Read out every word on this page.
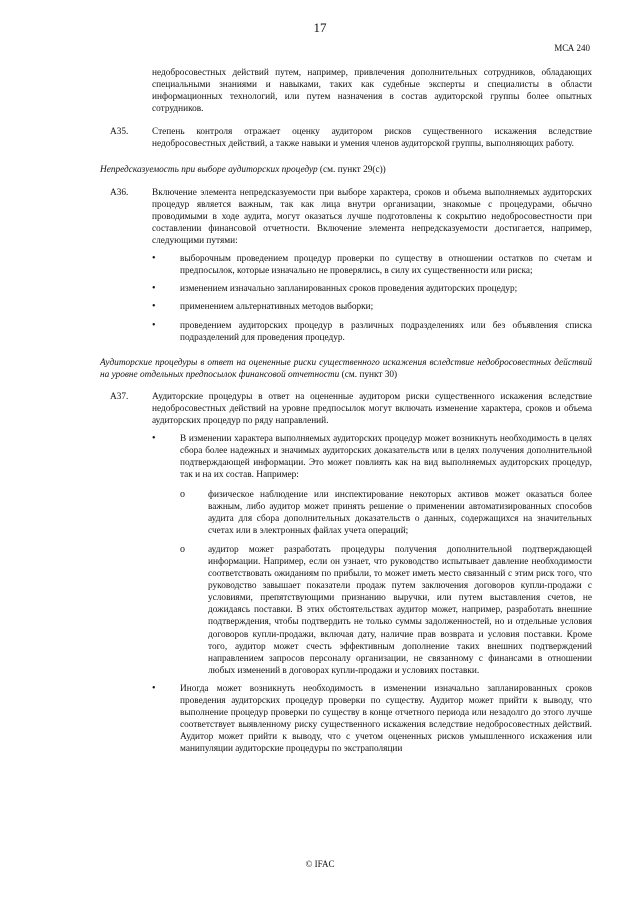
17
МСА 240

недобросовестных действий путем, например, привлечения дополнительных сотрудников, обладающих специальными знаниями и навыками, таких как судебные эксперты и специалисты в области информационных технологий, или путем назначения в состав аудиторской группы более опытных сотрудников.

A35.	Степень контроля отражает оценку аудитором рисков существенного искажения вследствие недобросовестных действий, а также навыки и умения членов аудиторской группы, выполняющих работу.

Непредсказуемость при выборе аудиторских процедур (см. пункт 29(c))

A36.	Включение элемента непредсказуемости при выборе характера, сроков и объема выполняемых аудиторских процедур является важным, так как лица внутри организации, знакомые с процедурами, обычно проводимыми в ходе аудита, могут оказаться лучше подготовлены к сокрытию недобросовестности при составлении финансовой отчетности. Включение элемента непредсказуемости достигается, например, следующими путями:
•	выборочным проведением процедур проверки по существу в отношении остатков по счетам и предпосылок, которые изначально не проверялись, в силу их существенности или риска;
•	изменением изначально запланированных сроков проведения аудиторских процедур;
•	применением альтернативных методов выборки;
•	проведением аудиторских процедур в различных подразделениях или без объявления списка подразделений для проведения процедур.

Аудиторские процедуры в ответ на оцененные риски существенного искажения вследствие недобросовестных действий на уровне отдельных предпосылок финансовой отчетности (см. пункт 30)

A37.	Аудиторские процедуры в ответ на оцененные аудитором риски существенного искажения вследствие недобросовестных действий на уровне предпосылок могут включать изменение характера, сроков и объема аудиторских процедур по ряду направлений.
•	В изменении характера выполняемых аудиторских процедур может возникнуть необходимость в целях сбора более надежных и значимых аудиторских доказательств или в целях получения дополнительной подтверждающей информации. Это может повлиять как на вид выполняемых аудиторских процедур, так и на их состав. Например:
o	физическое наблюдение или инспектирование некоторых активов может оказаться более важным, либо аудитор может принять решение о применении автоматизированных способов аудита для сбора дополнительных доказательств о данных, содержащихся на значительных счетах или в электронных файлах учета операций;
o	аудитор может разработать процедуры получения дополнительной подтверждающей информации. Например, если он узнает, что руководство испытывает давление необходимости соответствовать ожиданиям по прибыли, то может иметь место связанный с этим риск того, что руководство завышает показатели продаж путем заключения договоров купли-продажи с условиями, препятствующими признанию выручки, или путем выставления счетов, не дожидаясь поставки. В этих обстоятельствах аудитор может, например, разработать внешние подтверждения, чтобы подтвердить не только суммы задолженностей, но и отдельные условия договоров купли-продажи, включая дату, наличие прав возврата и условия поставки. Кроме того, аудитор может счесть эффективным дополнение таких внешних подтверждений направлением запросов персоналу организации, не связанному с финансами в отношении любых изменений в договорах купли-продажи и условиях поставки.
•	Иногда может возникнуть необходимость в изменении изначально запланированных сроков проведения аудиторских процедур проверки по существу. Аудитор может прийти к выводу, что выполнение процедур проверки по существу в конце отчетного периода или незадолго до этого лучше соответствует выявленному риску существенного искажения вследствие недобросовестных действий. Аудитор может прийти к выводу, что с учетом оцененных рисков умышленного искажения или манипуляции аудиторские процедуры по экстраполяции
© IFAC
